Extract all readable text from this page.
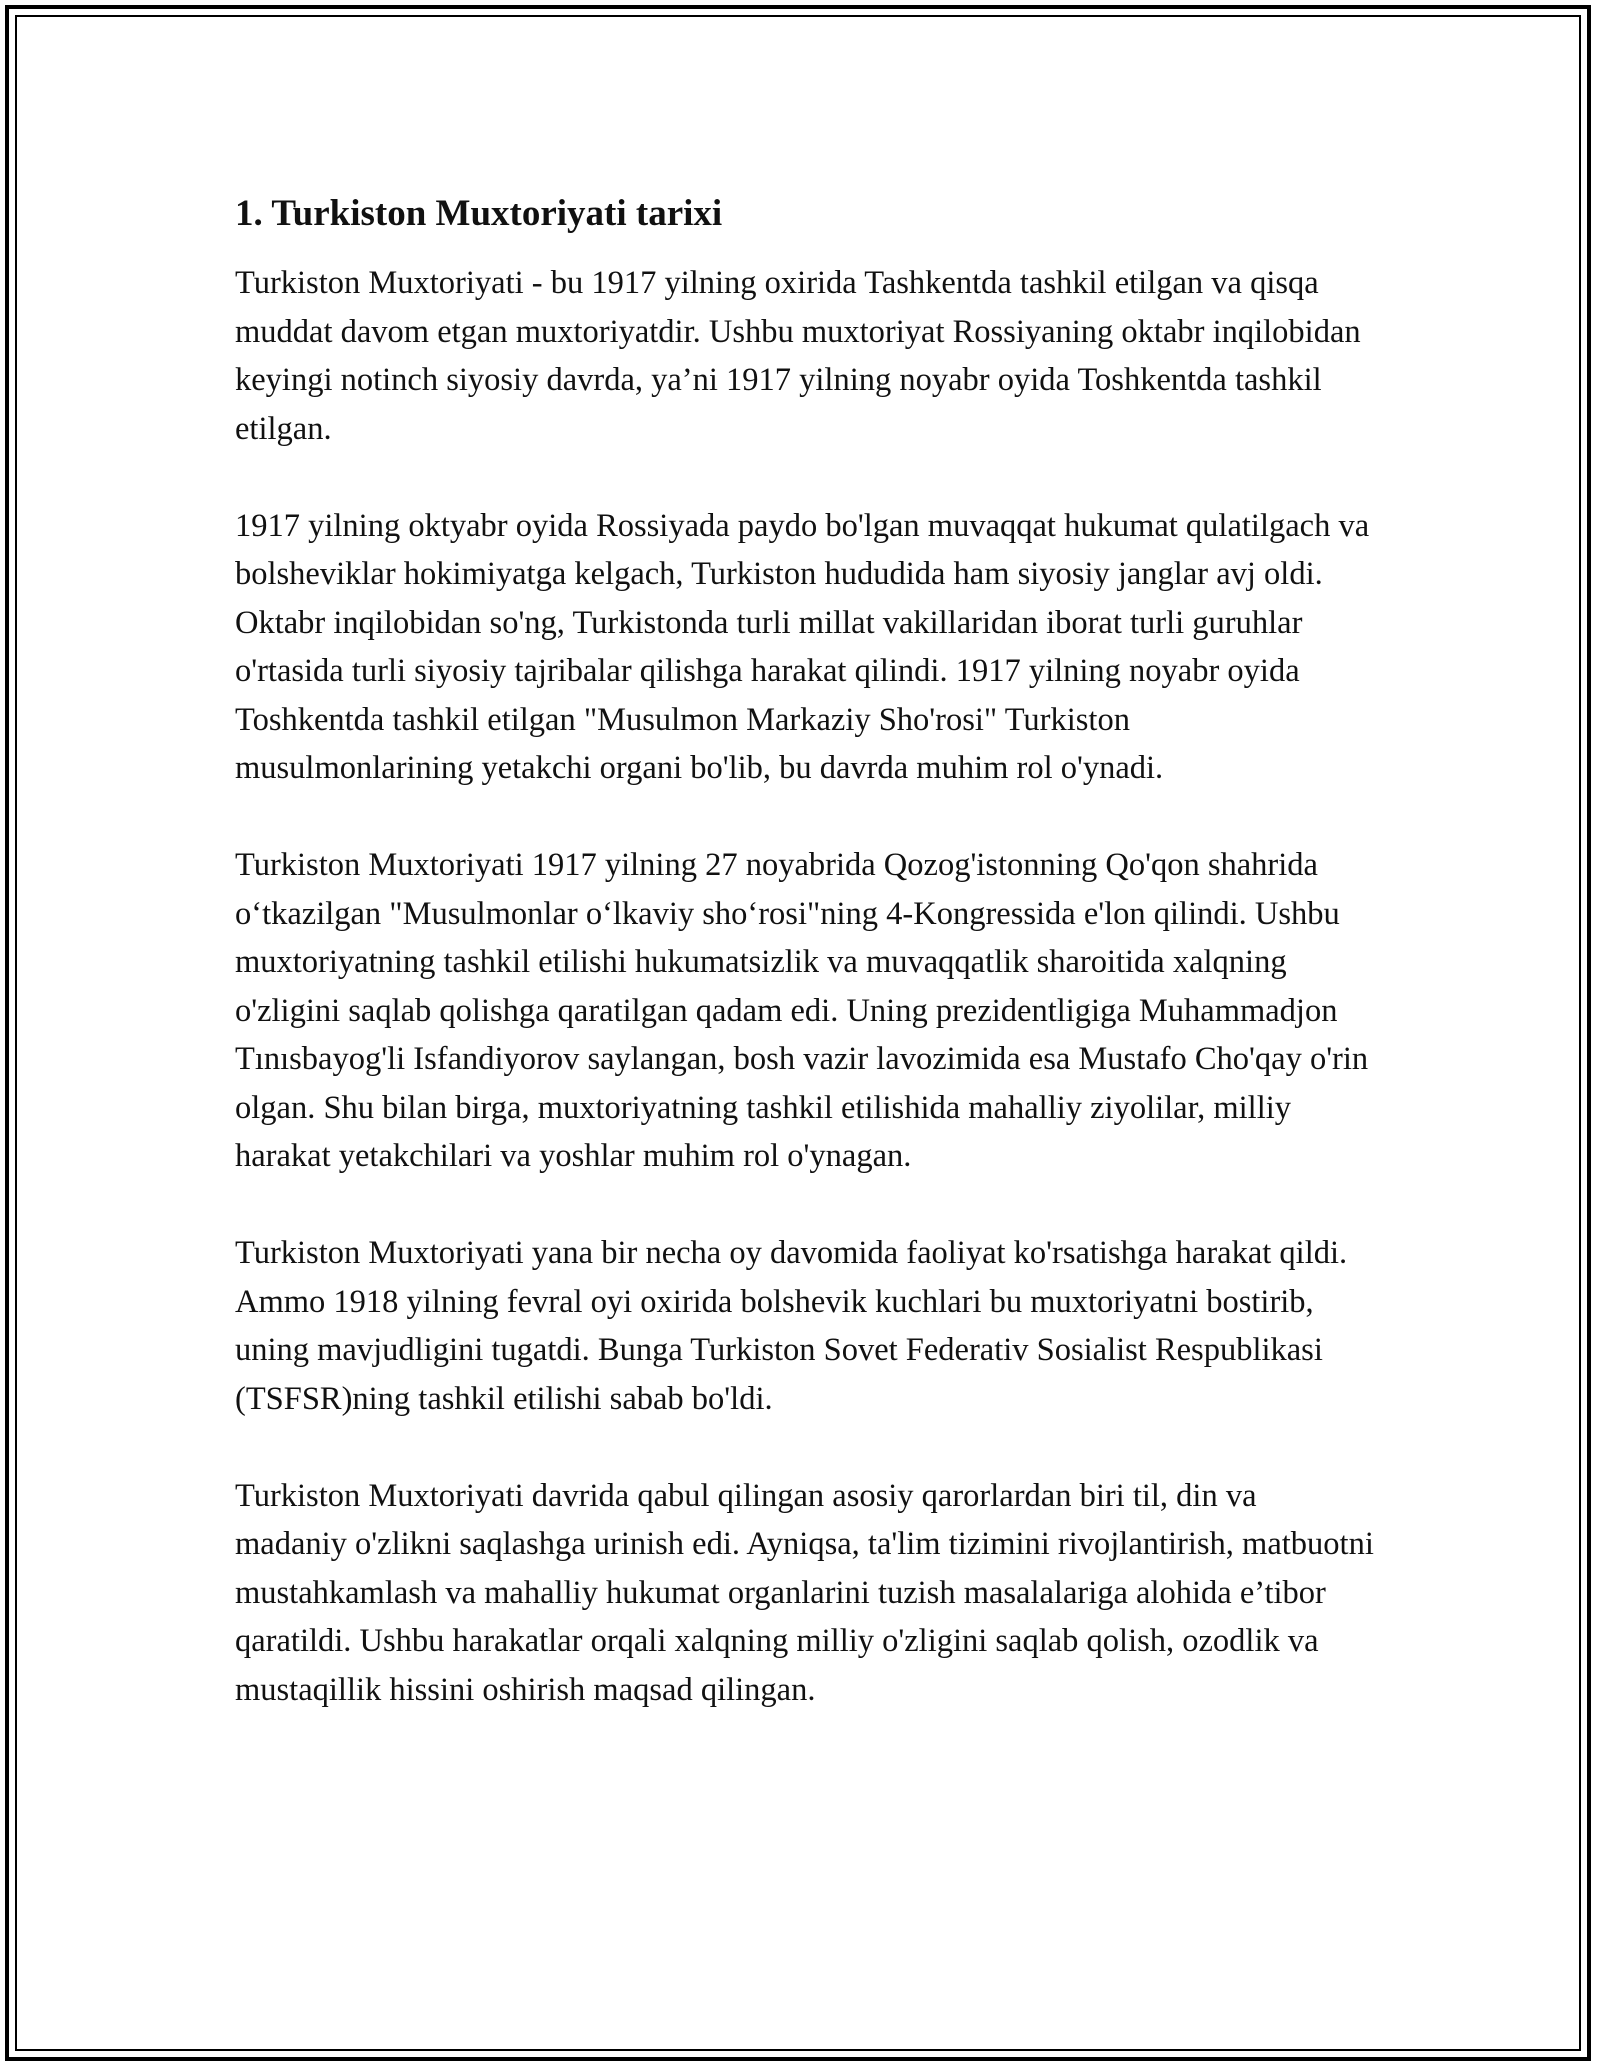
1. Turkiston Muxtoriyati tarixi

Turkiston Muxtoriyati - bu 1917 yilning oxirida Tashkentda tashkil etilgan va qisqa muddat davom etgan muxtoriyatdir. Ushbu muxtoriyat Rossiyaning oktabr inqilobidan keyingi notinch siyosiy davrda, ya’ni 1917 yilning noyabr oyida Toshkentda tashkil etilgan.

1917 yilning oktyabr oyida Rossiyada paydo bo'lgan muvaqqat hukumat qulatilgach va bolsheviklar hokimiyatga kelgach, Turkiston hududida ham siyosiy janglar avj oldi. Oktabr inqilobidan so'ng, Turkistonda turli millat vakillaridan iborat turli guruhlar o'rtasida turli siyosiy tajribalar qilishga harakat qilindi. 1917 yilning noyabr oyida Toshkentda tashkil etilgan "Musulmon Markaziy Sho'rosi" Turkiston musulmonlarining yetakchi organi bo'lib, bu davrda muhim rol o'ynadi.

Turkiston Muxtoriyati 1917 yilning 27 noyabrida Qozog'istonning Qo'qon shahrida o‘tkazilgan "Musulmonlar o‘lkaviy sho‘rosi"ning 4-Kongressida e'lon qilindi. Ushbu muxtoriyatning tashkil etilishi hukumatsizlik va muvaqqatlik sharoitida xalqning o'zligini saqlab qolishga qaratilgan qadam edi. Uning prezidentligiga Muhammadjon Tınısbayog'li Isfandiyorov saylangan, bosh vazir lavozimida esa Mustafo Cho'qay o'rin olgan. Shu bilan birga, muxtoriyatning tashkil etilishida mahalliy ziyolilar, milliy harakat yetakchilari va yoshlar muhim rol o'ynagan.

Turkiston Muxtoriyati yana bir necha oy davomida faoliyat ko'rsatishga harakat qildi. Ammo 1918 yilning fevral oyi oxirida bolshevik kuchlari bu muxtoriyatni bostirib, uning mavjudligini tugatdi. Bunga Turkiston Sovet Federativ Sosialist Respublikasi (TSFSR)ning tashkil etilishi sabab bo'ldi.

Turkiston Muxtoriyati davrida qabul qilingan asosiy qarorlardan biri til, din va madaniy o'zlikni saqlashga urinish edi. Ayniqsa, ta'lim tizimini rivojlantirish, matbuotni mustahkamlash va mahalliy hukumat organlarini tuzish masalalariga alohida e’tibor qaratildi. Ushbu harakatlar orqali xalqning milliy o'zligini saqlab qolish, ozodlik va mustaqillik hissini oshirish maqsad qilingan.
